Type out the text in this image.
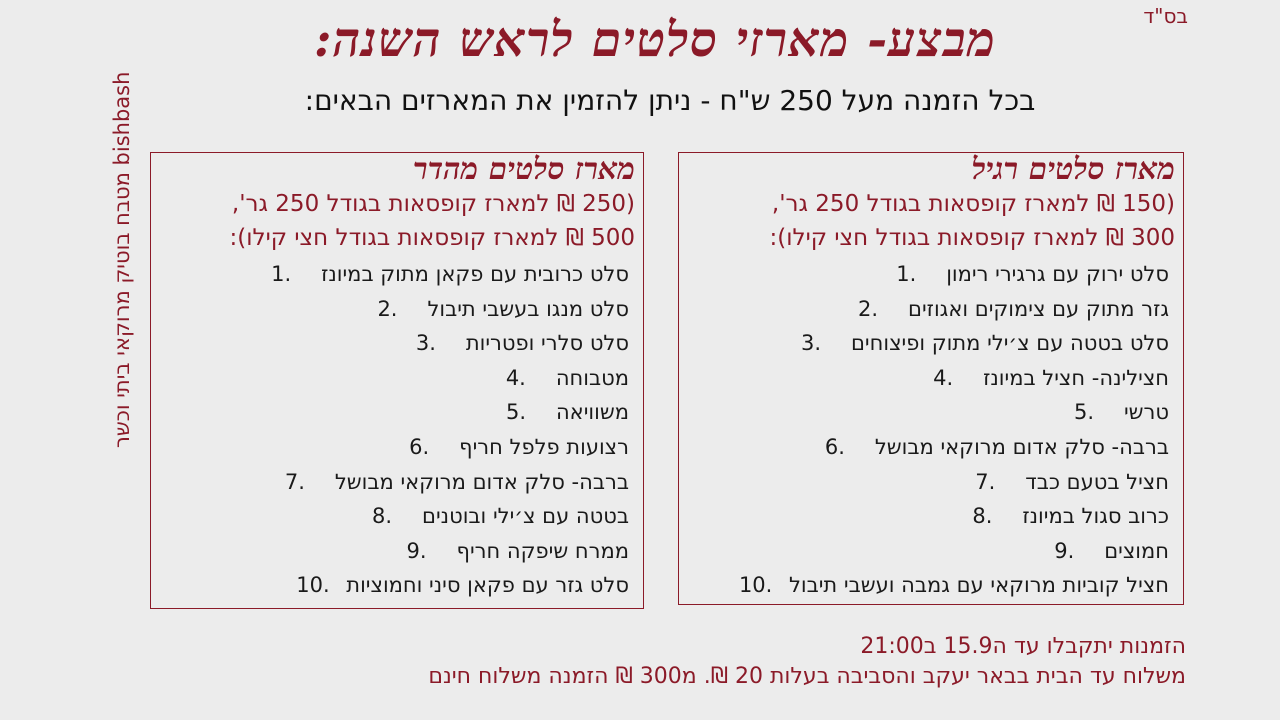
בס"ד
bishbash מטבח בוטיק מרוקאי ביתי וכשר
מבצע- מארזי סלטים לראש השנה:
בכל הזמנה מעל 250 ש"ח - ניתן להזמין את המארזים הבאים:
מארז סלטים רגיל
(150 ₪ למארז קופסאות בגודל 250 גר',
300 ₪ למארז קופסאות בגודל חצי קילו):
סלט ירוק עם גרגירי רימון
1.
גזר מתוק עם צימוקים ואגוזים
2.
סלט בטטה עם צ׳ילי מתוק ופיצוחים
3.
חצילינה- חציל במיונז
4.
טרשי
5.
ברבה- סלק אדום מרוקאי מבושל
6.
חציל בטעם כבד
7.
כרוב סגול במיונז
8.
חמוצים
9.
חציל קוביות מרוקאי עם גמבה ועשבי תיבול
10.
מארז סלטים מהדר
(250 ₪ למארז קופסאות בגודל 250 גר',
500 ₪ למארז קופסאות בגודל חצי קילו):
סלט כרובית עם פקאן מתוק במיונז
1.
סלט מנגו בעשבי תיבול
2.
סלט סלרי ופטריות
3.
מטבוחה
4.
משוויאה
5.
רצועות פלפל חריף
6.
ברבה- סלק אדום מרוקאי מבושל
7.
בטטה עם צ׳ילי ובוטנים
8.
ממרח שיפקה חריף
9.
סלט גזר עם פקאן סיני וחמוציות
10.
הזמנות יתקבלו עד ה15.9 ב21:00
משלוח עד הבית בבאר יעקב והסביבה בעלות 20 ₪. מ300 ₪ הזמנה משלוח חינם
